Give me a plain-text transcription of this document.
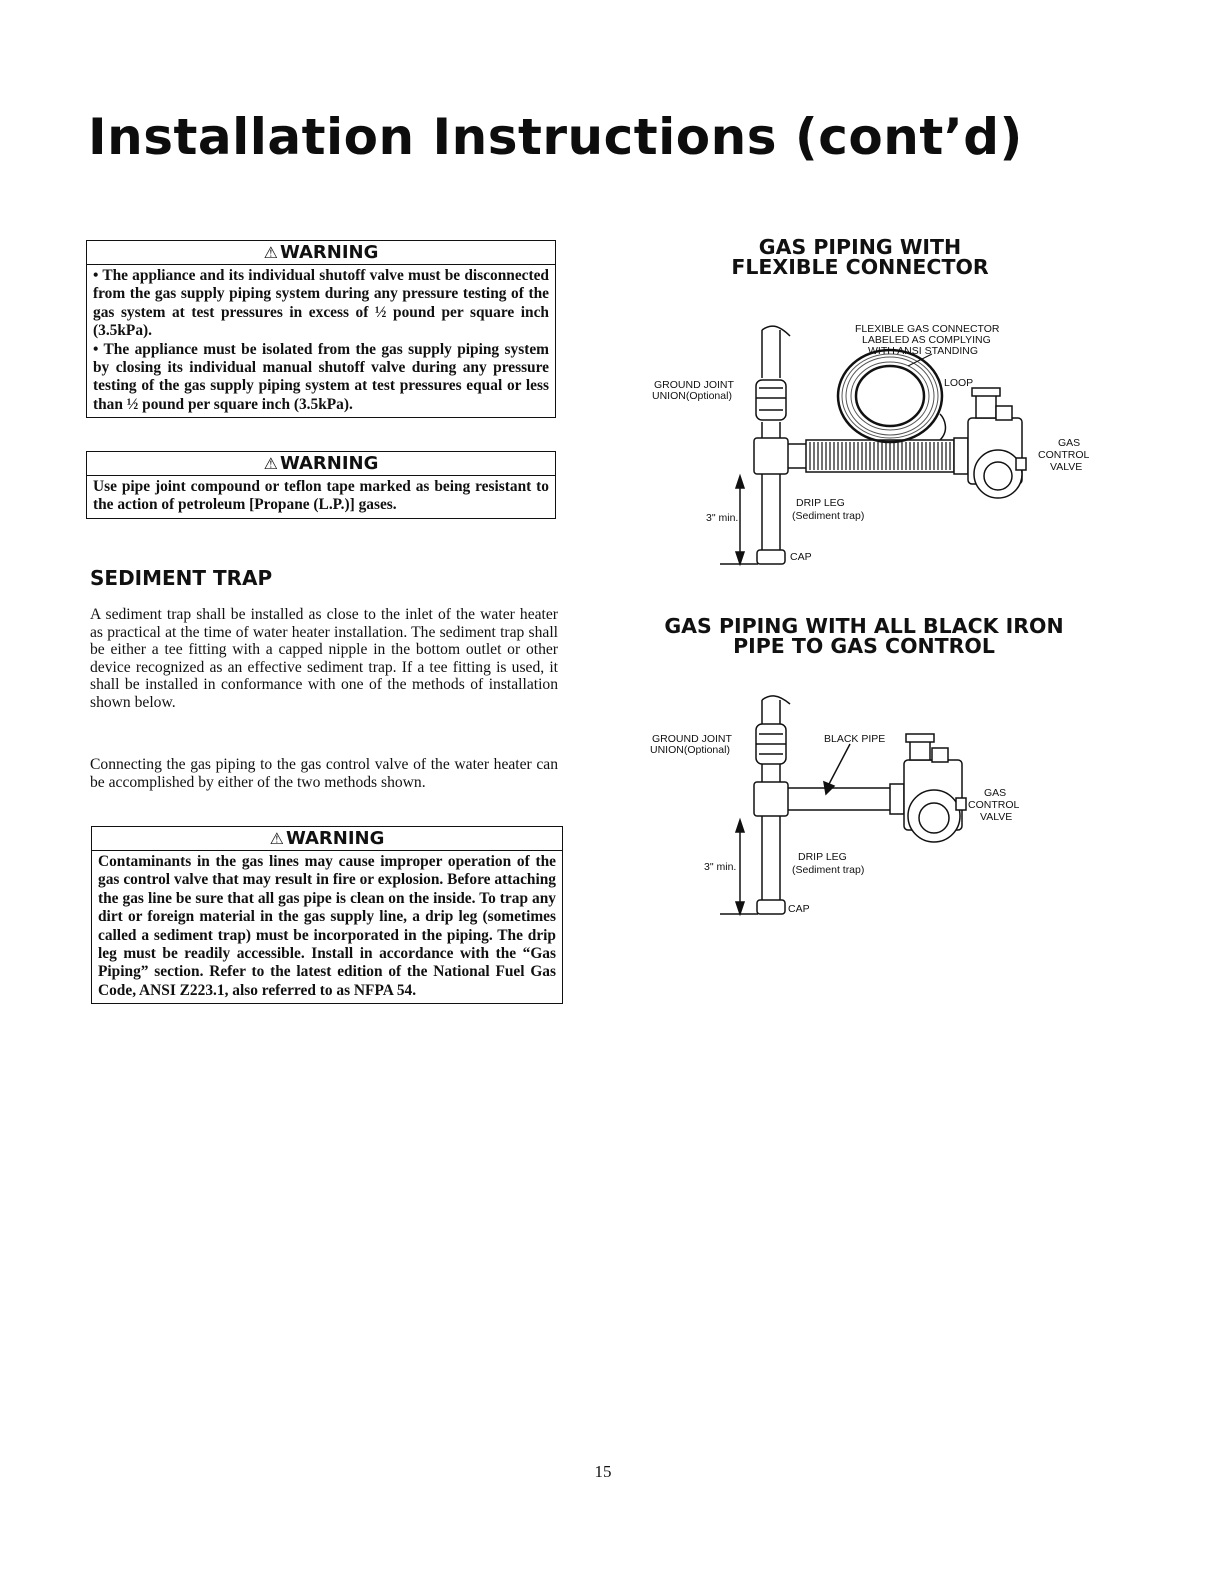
Installation Instructions (cont’d)
⚠ WARNING

• The appliance and its individual shutoff valve must be disconnected from the gas supply piping system during any pressure testing of the gas system at test pressures in excess of ½ pound per square inch (3.5kPa).

• The appliance must be isolated from the gas supply piping system by closing its individual manual shutoff valve during any pressure testing of the gas supply piping system at test pressures equal or less than ½ pound per square inch (3.5kPa).

⚠ WARNING

Use pipe joint compound or teflon tape marked as being resistant to the action of petroleum [Propane (L.P.)] gases.

SEDIMENT TRAP

A sediment trap shall be installed as close to the inlet of the water heater as practical at the time of water heater installation. The sediment trap shall be either a tee fitting with a capped nipple in the bottom outlet or other device recognized as an effective sediment trap. If a tee fitting is used, it shall be installed in conformance with one of the methods of installation shown below.

Connecting the gas piping to the gas control valve of the water heater can be accomplished by either of the two methods shown.

⚠ WARNING

Contaminants in the gas lines may cause improper operation of the gas control valve that may result in fire or explosion. Before attaching the gas line be sure that all gas pipe is clean on the inside. To trap any dirt or foreign material in the gas supply line, a drip leg (sometimes called a sediment trap) must be incorporated in the piping. The drip leg must be readily accessible. Install in accordance with the “Gas Piping” section. Refer to the latest edition of the National Fuel Gas Code, ANSI Z223.1, also referred to as NFPA 54.

GAS PIPING WITH
FLEXIBLE CONNECTOR
FLEXIBLE GAS CONNECTOR
LABELED AS COMPLYING
WITH ANSI STANDING
LOOP
GROUND JOINT
UNION(Optional)
GAS
CONTROL
VALVE
DRIP LEG
(Sediment trap)
3" min.
CAP
GAS PIPING WITH ALL BLACK IRON
PIPE TO GAS CONTROL
GROUND JOINT
UNION(Optional)
BLACK PIPE
GAS
CONTROL
VALVE
DRIP LEG
(Sediment trap)
3" min.
CAP
15
